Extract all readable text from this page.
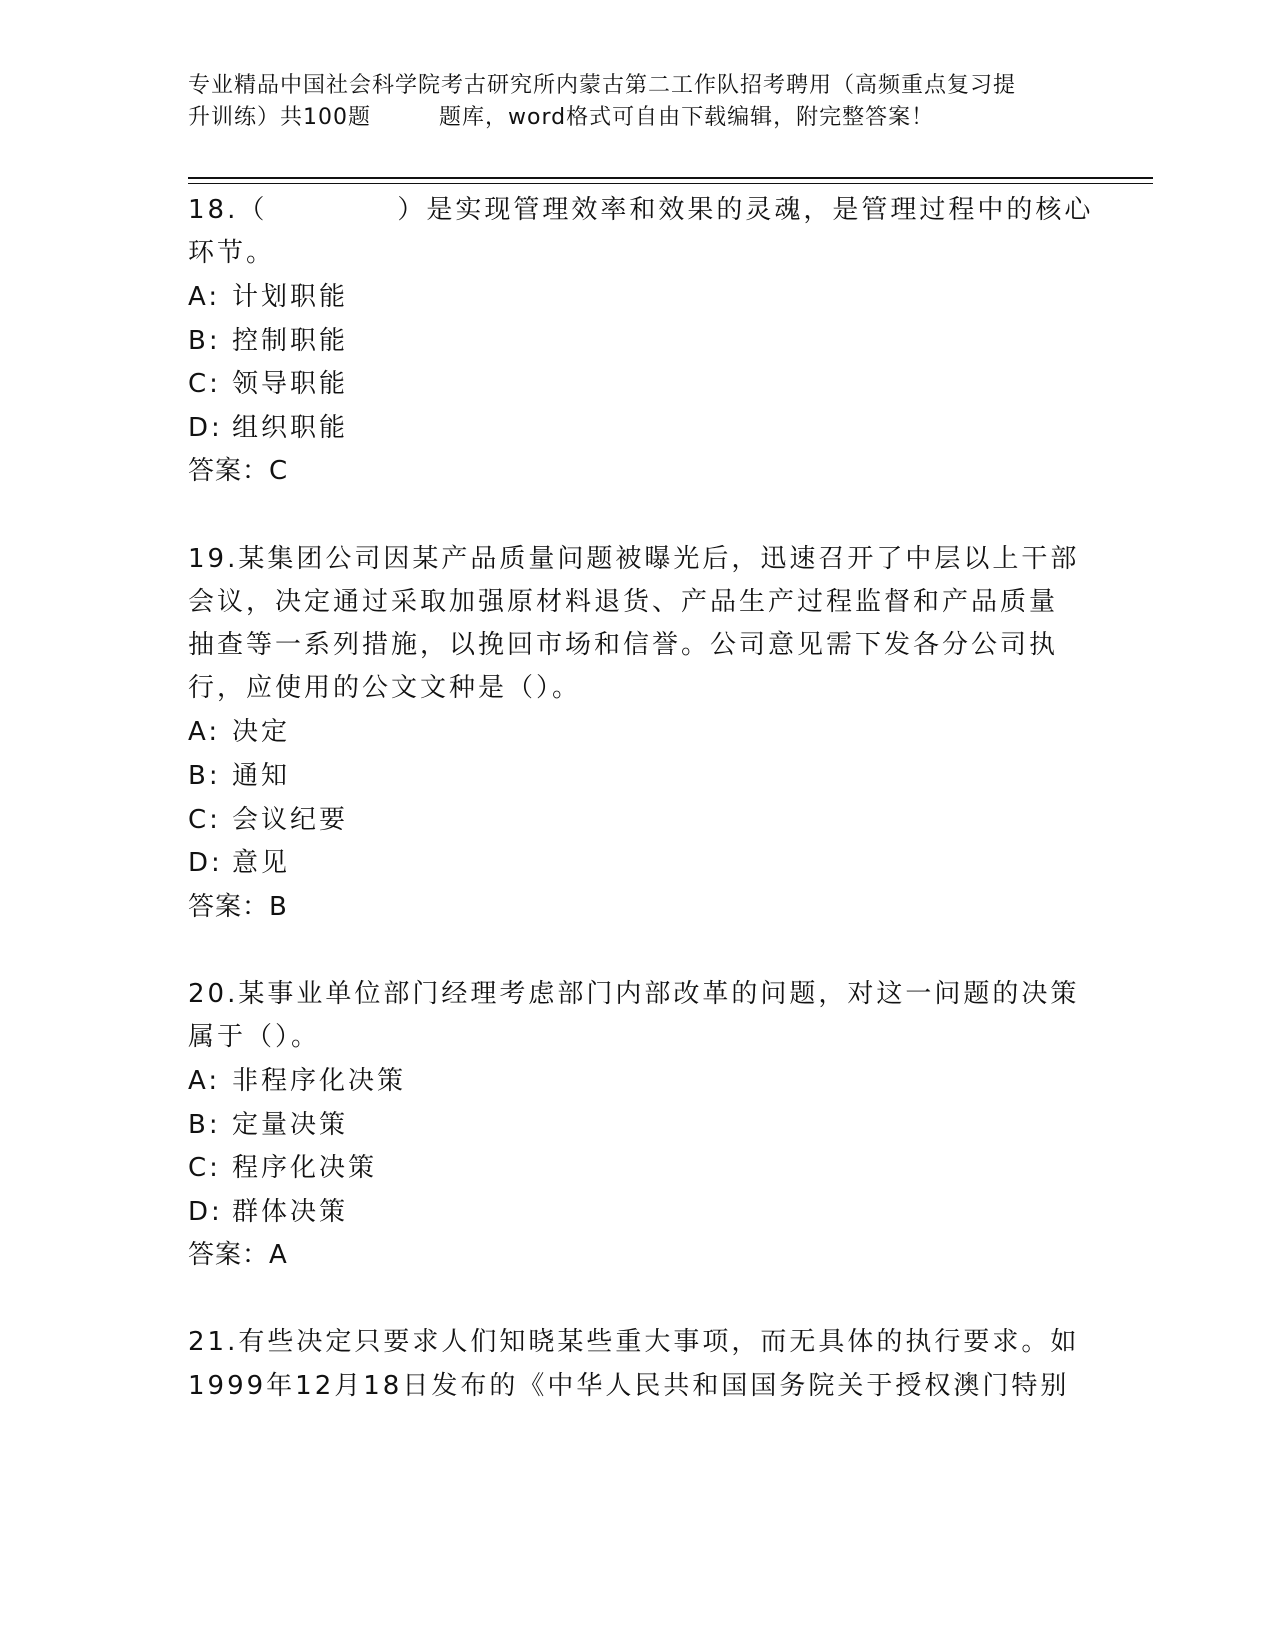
专业精品中国社会科学院考古研究所内蒙古第二工作队招考聘用（高频重点复习提
升训练）共100题	题库，word格式可自由下载编辑，附完整答案！
18.（	）是实现管理效率和效果的灵魂，是管理过程中的核心
环节。
A: 计划职能
B: 控制职能
C: 领导职能
D: 组织职能
答案：C
19.某集团公司因某产品质量问题被曝光后，迅速召开了中层以上干部
会议，决定通过采取加强原材料退货、产品生产过程监督和产品质量
抽查等一系列措施，以挽回市场和信誉。公司意见需下发各分公司执
行，应使用的公文文种是（）。
A: 决定
B: 通知
C: 会议纪要
D: 意见
答案：B
20.某事业单位部门经理考虑部门内部改革的问题，对这一问题的决策
属于（）。
A: 非程序化决策
B: 定量决策
C: 程序化决策
D: 群体决策
答案：A
21.有些决定只要求人们知晓某些重大事项，而无具体的执行要求。如
1999年12月18日发布的《中华人民共和国国务院关于授权澳门特别
